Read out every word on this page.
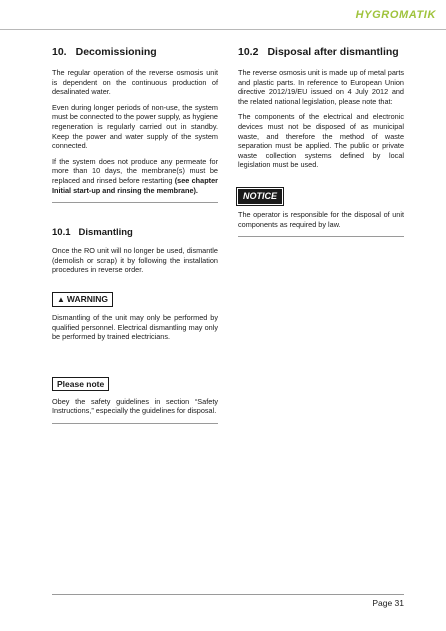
HYGROMATIK
10. Decomissioning

The regular operation of the reverse osmosis unit is dependent on the continuous production of desalinated water.

Even during longer periods of non-use, the system must be connected to the power supply, as hygiene regeneration is regularly carried out in standby. Keep the power and water supply of the system connected.

If the system does not produce any permeate for more than 10 days, the membrane(s) must be replaced and rinsed before restarting (see chapter Initial start-up and rinsing the membrane).

10.1 Dismantling

Once the RO unit will no longer be used, dismantle (demolish or scrap) it by following the installation procedures in reverse order.

▲ WARNING

Dismantling of the unit may only be performed by qualified personnel. Electrical dismantling may only be performed by trained electricians.

Please note

Obey the safety guidelines in section “Safety Instructions,” especially the guidelines for disposal.

10.2 Disposal after dismantling

The reverse osmosis unit is made up of metal parts and plastic parts. In reference to European Union directive 2012/19/EU issued on 4 July 2012 and the related national legislation, please note that:

The components of the electrical and electronic devices must not be disposed of as municipal waste, and therefore the method of waste separation must be applied. The public or private waste collection systems defined by local legislation must be used.

NOTICE

The operator is responsible for the disposal of unit components as required by law.

Page 31
